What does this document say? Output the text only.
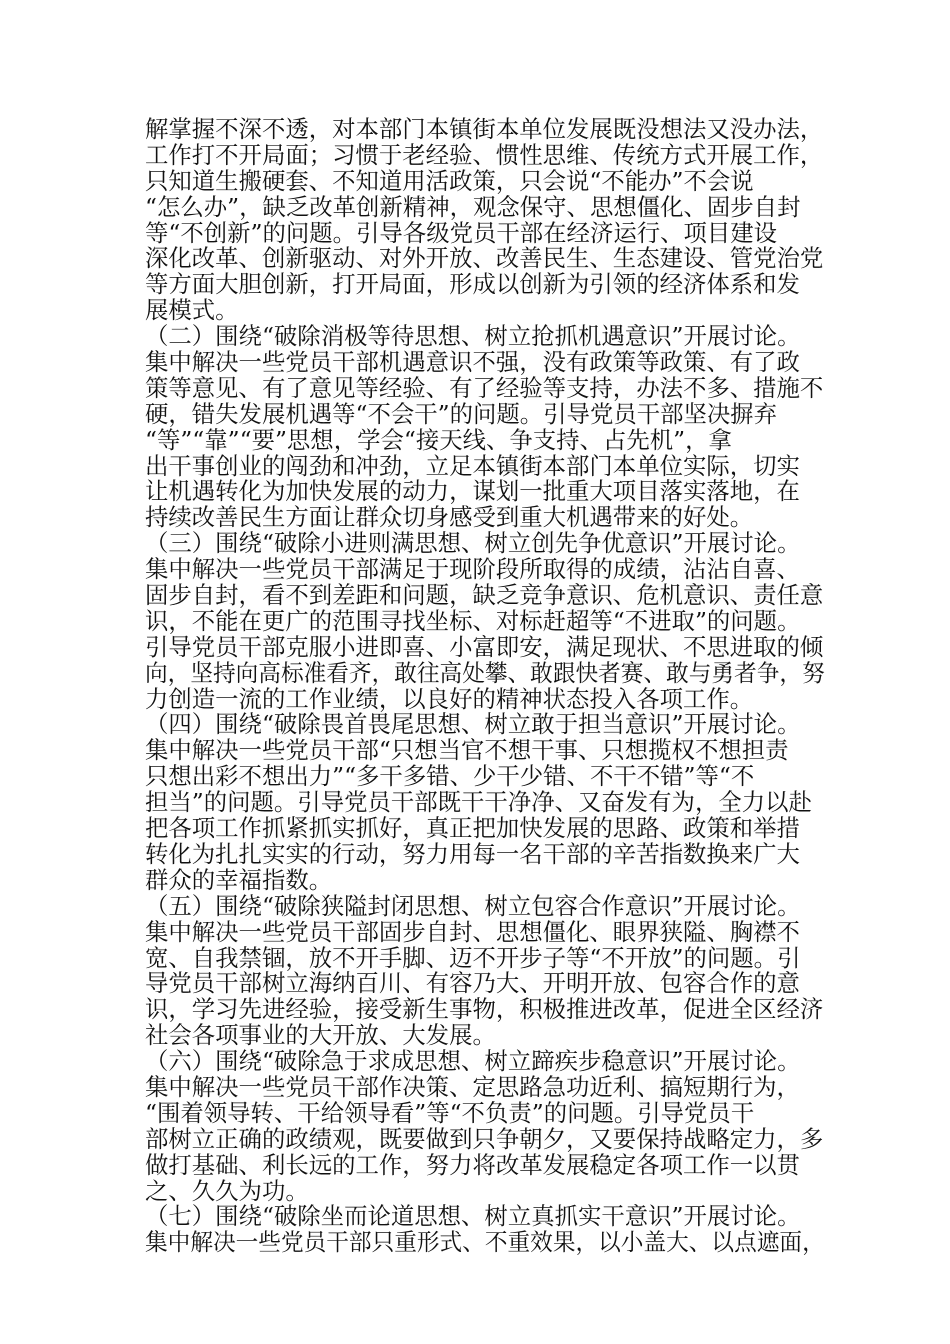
解掌握不深不透，对本部门本镇街本单位发展既没想法又没办法，
工作打不开局面；习惯于老经验、惯性思维、传统方式开展工作，
只知道生搬硬套、不知道用活政策，只会说“不能办”不会说
“怎么办”，缺乏改革创新精神，观念保守、思想僵化、固步自封
等“不创新”的问题。引导各级党员干部在经济运行、项目建设
深化改革、创新驱动、对外开放、改善民生、生态建设、管党治党
等方面大胆创新，打开局面，形成以创新为引领的经济体系和发
展模式。
（二）围绕“破除消极等待思想、树立抢抓机遇意识”开展讨论。
集中解决一些党员干部机遇意识不强，没有政策等政策、有了政
策等意见、有了意见等经验、有了经验等支持，办法不多、措施不
硬，错失发展机遇等“不会干”的问题。引导党员干部坚决摒弃
“等”“靠”“要”思想，学会“接天线、争支持、占先机”，拿
出干事创业的闯劲和冲劲，立足本镇街本部门本单位实际，切实
让机遇转化为加快发展的动力，谋划一批重大项目落实落地，在
持续改善民生方面让群众切身感受到重大机遇带来的好处。
（三）围绕“破除小进则满思想、树立创先争优意识”开展讨论。
集中解决一些党员干部满足于现阶段所取得的成绩，沾沾自喜、
固步自封，看不到差距和问题，缺乏竞争意识、危机意识、责任意
识，不能在更广的范围寻找坐标、对标赶超等“不进取”的问题。
引导党员干部克服小进即喜、小富即安，满足现状、不思进取的倾
向，坚持向高标准看齐，敢往高处攀、敢跟快者赛、敢与勇者争，努
力创造一流的工作业绩，以良好的精神状态投入各项工作。
（四）围绕“破除畏首畏尾思想、树立敢于担当意识”开展讨论。
集中解决一些党员干部“只想当官不想干事、只想揽权不想担责
只想出彩不想出力”“多干多错、少干少错、不干不错”等“不
担当”的问题。引导党员干部既干干净净、又奋发有为，全力以赴
把各项工作抓紧抓实抓好，真正把加快发展的思路、政策和举措
转化为扎扎实实的行动，努力用每一名干部的辛苦指数换来广大
群众的幸福指数。
（五）围绕“破除狭隘封闭思想、树立包容合作意识”开展讨论。
集中解决一些党员干部固步自封、思想僵化、眼界狭隘、胸襟不
宽、自我禁锢，放不开手脚、迈不开步子等“不开放”的问题。引
导党员干部树立海纳百川、有容乃大、开明开放、包容合作的意
识，学习先进经验，接受新生事物，积极推进改革，促进全区经济
社会各项事业的大开放、大发展。
（六）围绕“破除急于求成思想、树立蹄疾步稳意识”开展讨论。
集中解决一些党员干部作决策、定思路急功近利、搞短期行为，
“围着领导转、干给领导看”等“不负责”的问题。引导党员干
部树立正确的政绩观，既要做到只争朝夕，又要保持战略定力，多
做打基础、利长远的工作，努力将改革发展稳定各项工作一以贯
之、久久为功。
（七）围绕“破除坐而论道思想、树立真抓实干意识”开展讨论。
集中解决一些党员干部只重形式、不重效果，以小盖大、以点遮面，
